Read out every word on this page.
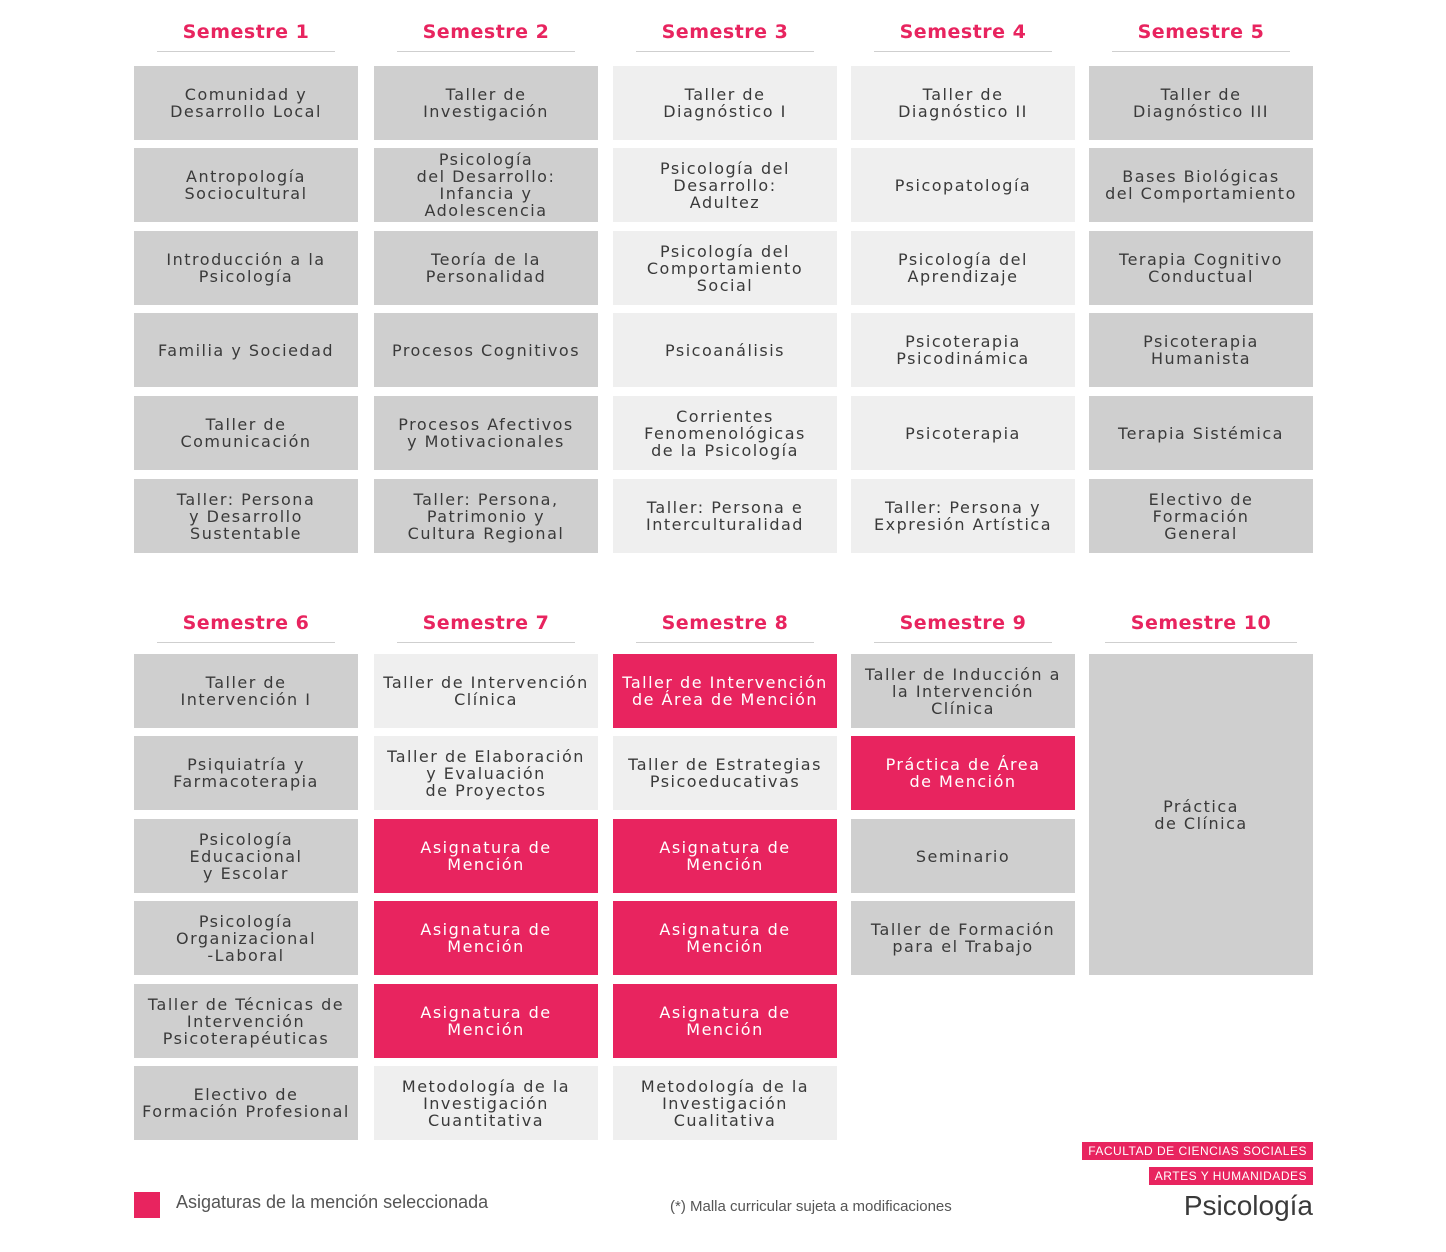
Semestre 1
Comunidad y
Desarrollo Local
Antropología
Sociocultural
Introducción a la
Psicología
Familia y Sociedad
Taller de
Comunicación
Taller: Persona
y Desarrollo
Sustentable
Semestre 2
Taller de
Investigación
Psicología
del Desarrollo:
Infancia y
Adolescencia
Teoría de la
Personalidad
Procesos Cognitivos
Procesos Afectivos
y Motivacionales
Taller: Persona,
Patrimonio y
Cultura Regional
Semestre 3
Taller de
Diagnóstico I
Psicología del
Desarrollo:
Adultez
Psicología del
Comportamiento
Social
Psicoanálisis
Corrientes
Fenomenológicas
de la Psicología
Taller: Persona e
Interculturalidad
Semestre 4
Taller de
Diagnóstico II
Psicopatología
Psicología del
Aprendizaje
Psicoterapia
Psicodinámica
Psicoterapia
Taller: Persona y
Expresión Artística
Semestre 5
Taller de
Diagnóstico III
Bases Biológicas
del Comportamiento
Terapia Cognitivo
Conductual
Psicoterapia
Humanista
Terapia Sistémica
Electivo de
Formación
General
Semestre 6
Taller de
Intervención I
Psiquiatría y
Farmacoterapia
Psicología
Educacional
y Escolar
Psicología
Organizacional
-Laboral
Taller de Técnicas de
Intervención
Psicoterapéuticas
Electivo de
Formación Profesional
Semestre 7
Taller de Intervención
Clínica
Taller de Elaboración
y Evaluación
de Proyectos
Asignatura de
Mención
Asignatura de
Mención
Asignatura de
Mención
Metodología de la
Investigación
Cuantitativa
Semestre 8
Taller de Intervención
de Área de Mención
Taller de Estrategias
Psicoeducativas
Asignatura de
Mención
Asignatura de
Mención
Asignatura de
Mención
Metodología de la
Investigación
Cualitativa
Semestre 9
Taller de Inducción a
la Intervención Clínica
Práctica de Área
de Mención
Seminario
Taller de Formación
para el Trabajo
Semestre 10
Práctica
de Clínica
Asigaturas de la mención seleccionada	(*) Malla curricular sujeta a modificaciones
FACULTAD DE CIENCIAS SOCIALES
ARTES Y HUMANIDADES
Psicología
